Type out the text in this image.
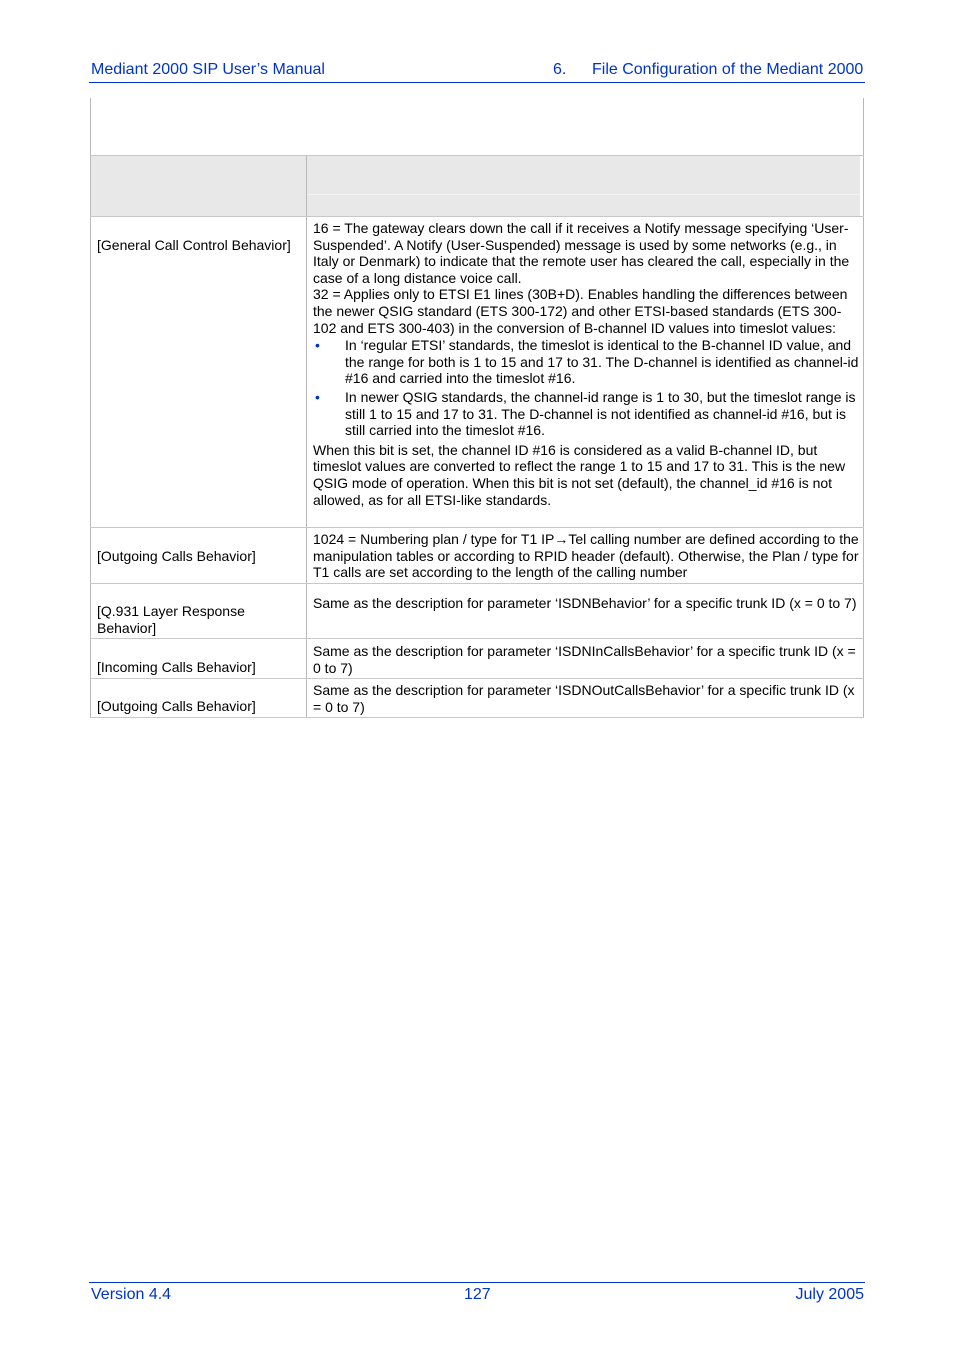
Mediant 2000 SIP User’s Manual	6. File Configuration of the Mediant 2000
[General Call Control Behavior]

16 = The gateway clears down the call if it receives a Notify message specifying ‘User-Suspended’. A Notify (User-Suspended) message is used by some networks (e.g., in Italy or Denmark) to indicate that the remote user has cleared the call, especially in the case of a long distance voice call.

32 = Applies only to ETSI E1 lines (30B+D). Enables handling the differences between the newer QSIG standard (ETS 300-172) and other ETSI-based standards (ETS 300-102 and ETS 300-403) in the conversion of B-channel ID values into timeslot values:

• In ‘regular ETSI’ standards, the timeslot is identical to the B-channel ID value, and the range for both is 1 to 15 and 17 to 31. The D-channel is identified as channel-id #16 and carried into the timeslot #16.
• In newer QSIG standards, the channel-id range is 1 to 30, but the timeslot range is still 1 to 15 and 17 to 31. The D-channel is not identified as channel-id #16, but is still carried into the timeslot #16.

When this bit is set, the channel ID #16 is considered as a valid B-channel ID, but timeslot values are converted to reflect the range 1 to 15 and 17 to 31. This is the new QSIG mode of operation. When this bit is not set (default), the channel_id #16 is not allowed, as for all ETSI-like standards.

[Outgoing Calls Behavior]
1024 = Numbering plan / type for T1 IP→Tel calling number are defined according to the manipulation tables or according to RPID header (default). Otherwise, the Plan / type for T1 calls are set according to the length of the calling number
[Q.931 Layer Response Behavior]
Same as the description for parameter ‘ISDNBehavior’ for a specific trunk ID (x = 0 to 7)
[Incoming Calls Behavior]
Same as the description for parameter ‘ISDNInCallsBehavior’ for a specific trunk ID (x = 0 to 7)
[Outgoing Calls Behavior]
Same as the description for parameter ‘ISDNOutCallsBehavior’ for a specific trunk ID (x = 0 to 7)
Version 4.4	127	July 2005
